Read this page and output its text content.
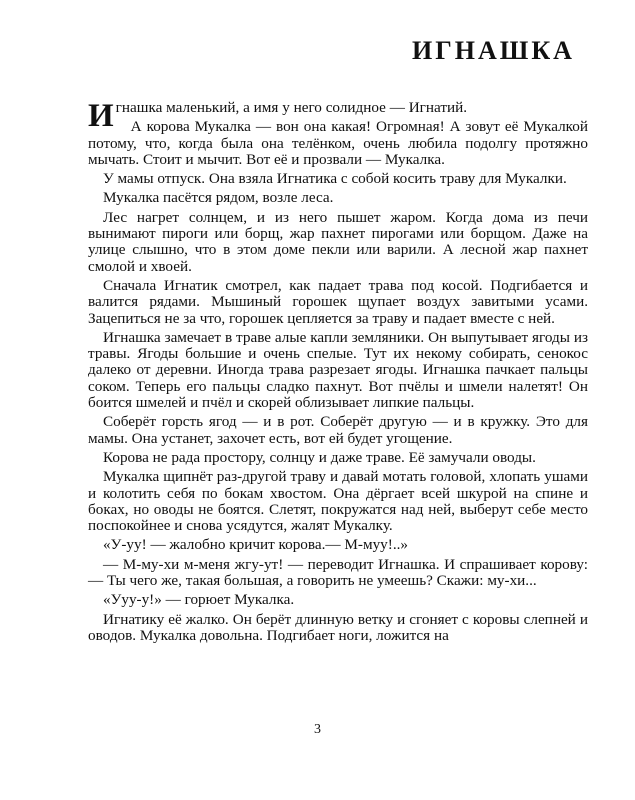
ИГНАШКА

Игнашка маленький, а имя у него солидное — Игнатий.

А корова Мукалка — вон она какая! Огромная! А зовут её Мукалкой потому, что, когда была она телёнком, очень любила подолгу протяжно мычать. Стоит и мычит. Вот её и прозвали — Мукалка.

У мамы отпуск. Она взяла Игнатика с собой косить траву для Мукалки.

Мукалка пасётся рядом, возле леса.

Лес нагрет солнцем, и из него пышет жаром. Когда дома из печи вынимают пироги или борщ, жар пахнет пирогами или борщом. Даже на улице слышно, что в этом доме пекли или варили. А лесной жар пахнет смолой и хвоей.

Сначала Игнатик смотрел, как падает трава под косой. Подгибается и валится рядами. Мышиный горошек щупает воздух завитыми усами. Зацепиться не за что, горошек цепляется за траву и падает вместе с ней.

Игнашка замечает в траве алые капли земляники. Он выпутывает ягоды из травы. Ягоды большие и очень спелые. Тут их некому собирать, сенокос далеко от деревни. Иногда трава разрезает ягоды. Игнашка пачкает пальцы соком. Теперь его пальцы сладко пахнут. Вот пчёлы и шмели налетят! Он боится шмелей и пчёл и скорей облизывает липкие пальцы.

Соберёт горсть ягод — и в рот. Соберёт другую — и в кружку. Это для мамы. Она устанет, захочет есть, вот ей будет угощение.

Корова не рада простору, солнцу и даже траве. Её замучали оводы.

Мукалка щипнёт раз-другой траву и давай мотать головой, хлопать ушами и колотить себя по бокам хвостом. Она дёргает всей шкурой на спине и боках, но оводы не боятся. Слетят, покружатся над ней, выберут себе место поспокойнее и снова усядутся, жалят Мукалку.

«У-уу! — жалобно кричит корова.— М-муу!..»

— М-му-хи м-меня жгу-ут! — переводит Игнашка. И спрашивает корову: — Ты чего же, такая большая, а говорить не умеешь? Скажи: му-хи...

«Ууу-у!» — горюет Мукалка.

Игнатику её жалко. Он берёт длинную ветку и сгоняет с коровы слепней и оводов. Мукалка довольна. Подгибает ноги, ложится на

3
